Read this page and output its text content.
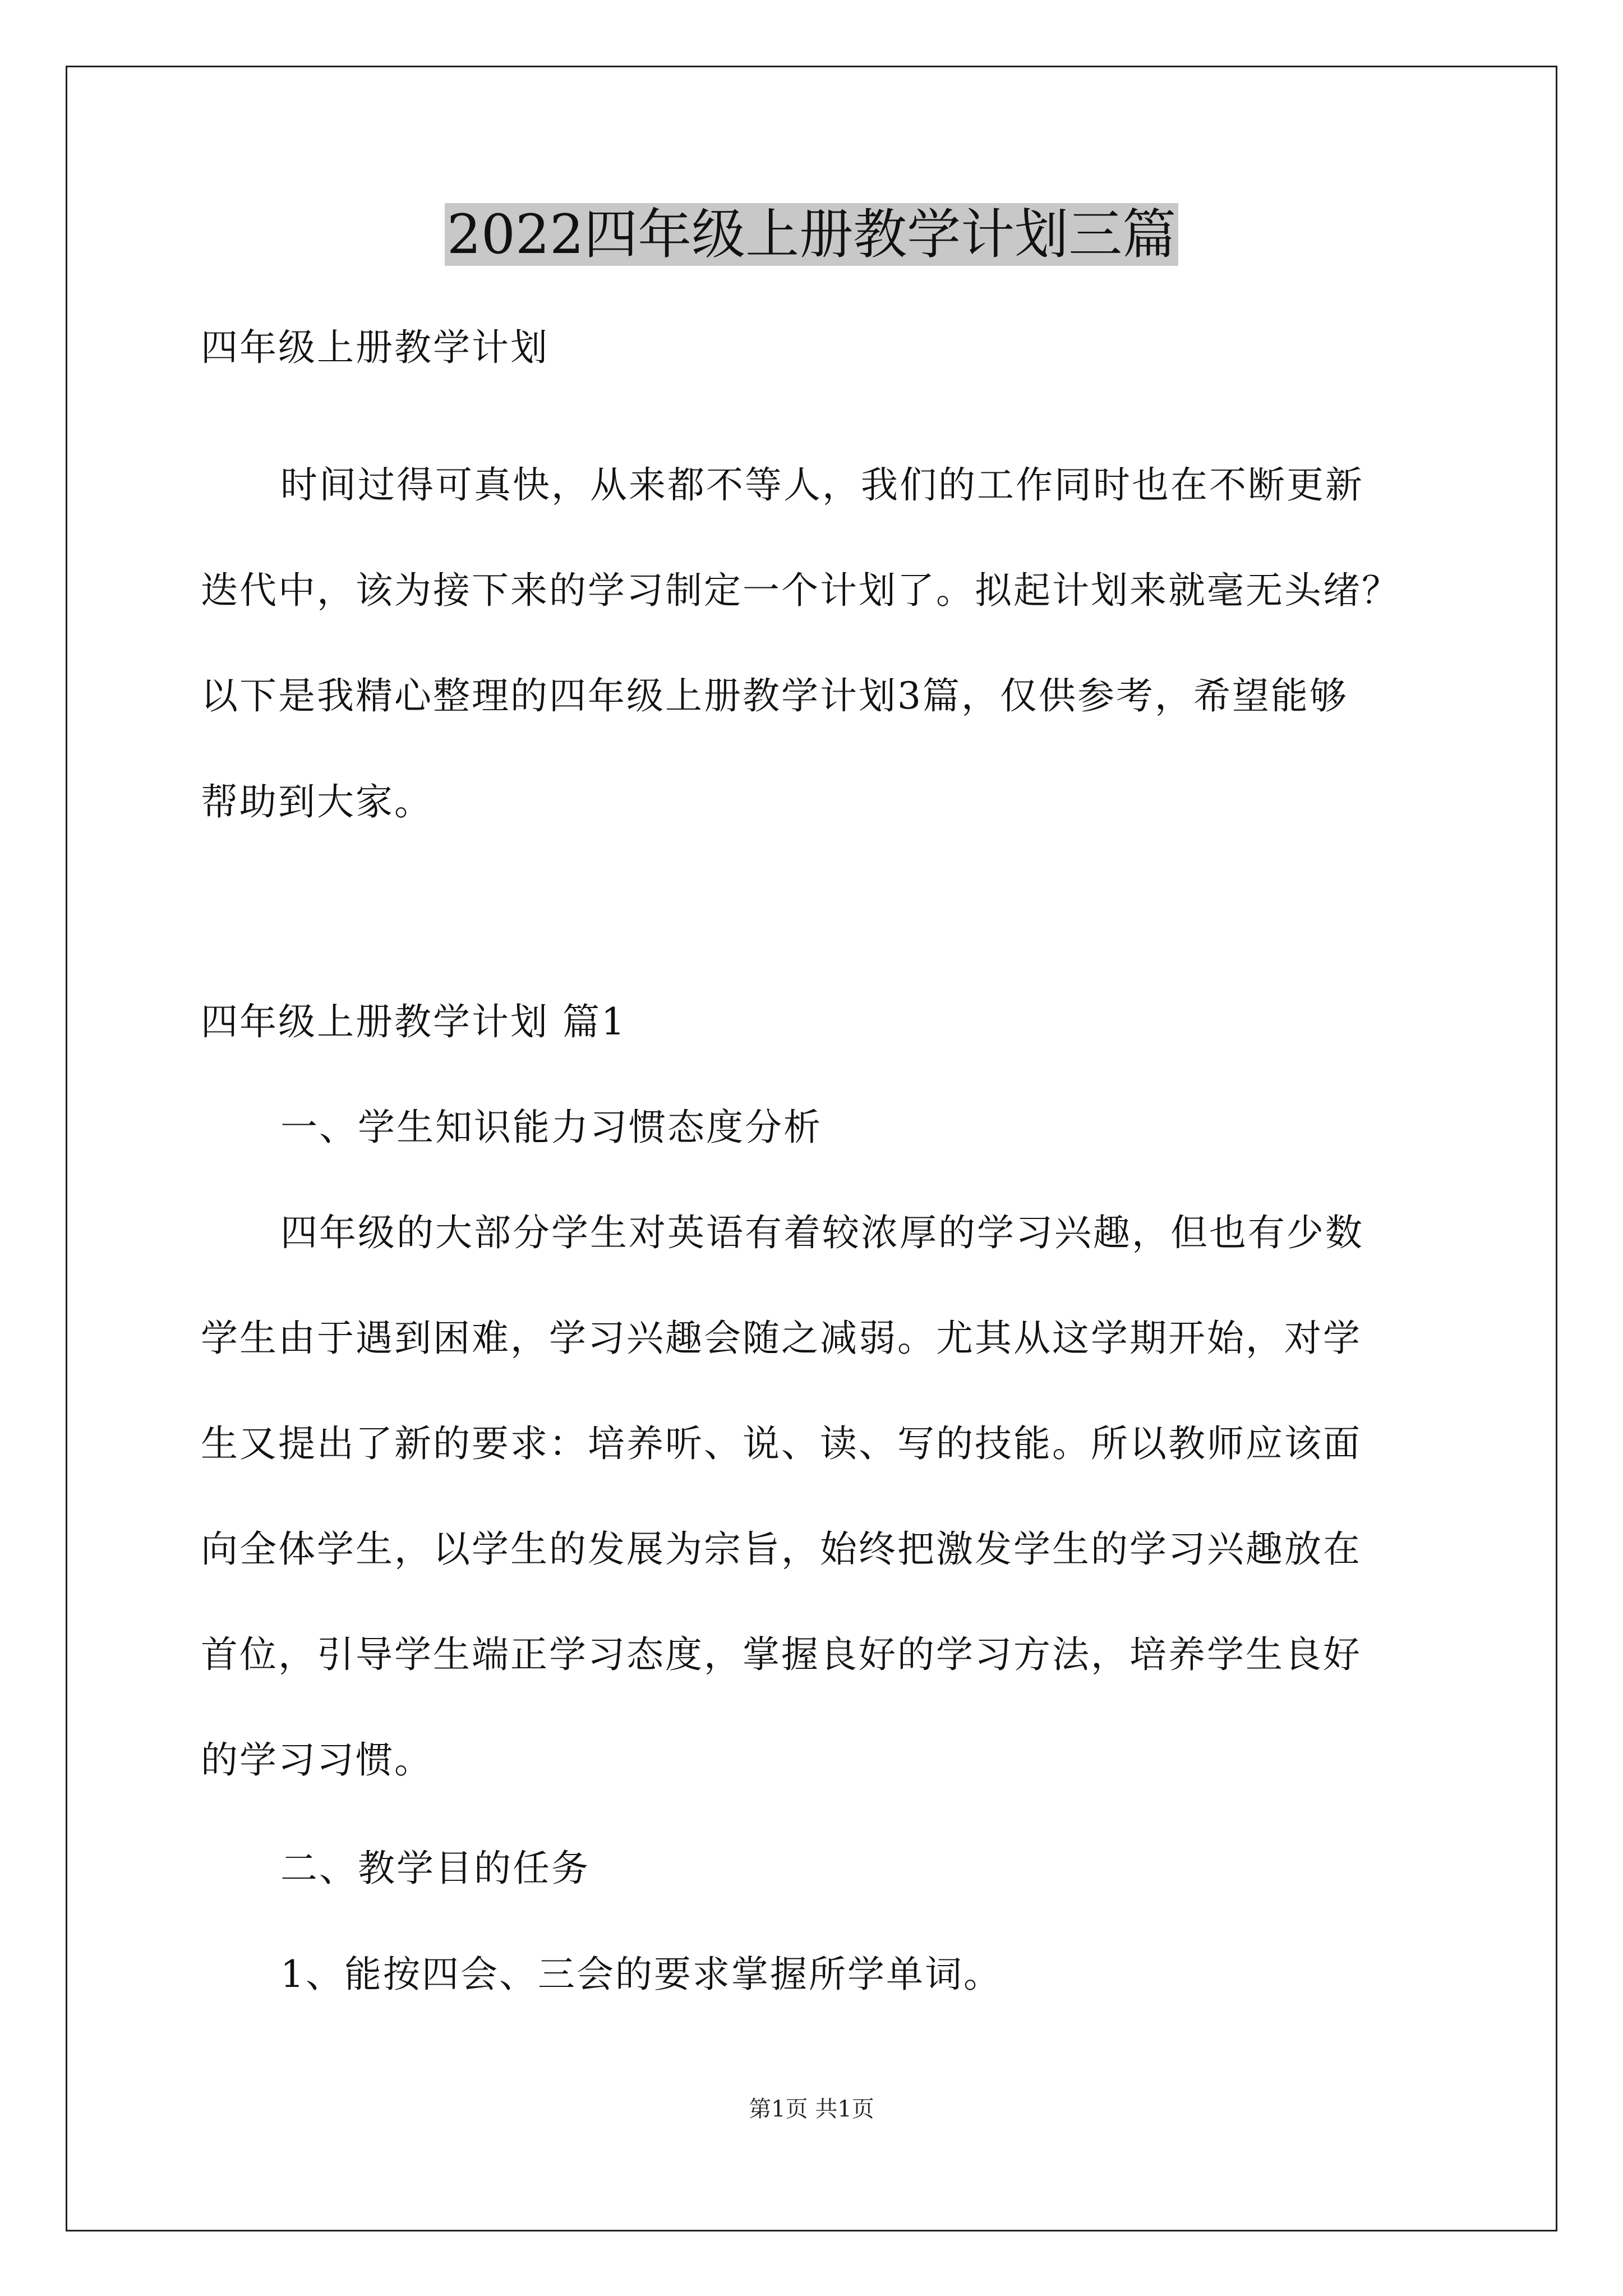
2022四年级上册教学计划三篇

四年级上册教学计划

时间过得可真快，从来都不等人，我们的工作同时也在不断更新

迭代中，该为接下来的学习制定一个计划了。拟起计划来就毫无头绪？

以下是我精心整理的四年级上册教学计划3篇，仅供参考，希望能够

帮助到大家。

四年级上册教学计划 篇1

一、学生知识能力习惯态度分析

四年级的大部分学生对英语有着较浓厚的学习兴趣，但也有少数

学生由于遇到困难，学习兴趣会随之减弱。尤其从这学期开始，对学

生又提出了新的要求：培养听、说、读、写的技能。所以教师应该面

向全体学生，以学生的发展为宗旨，始终把激发学生的学习兴趣放在

首位，引导学生端正学习态度，掌握良好的学习方法，培养学生良好

的学习习惯。

二、教学目的任务

1、能按四会、三会的要求掌握所学单词。

第1页 共1页
